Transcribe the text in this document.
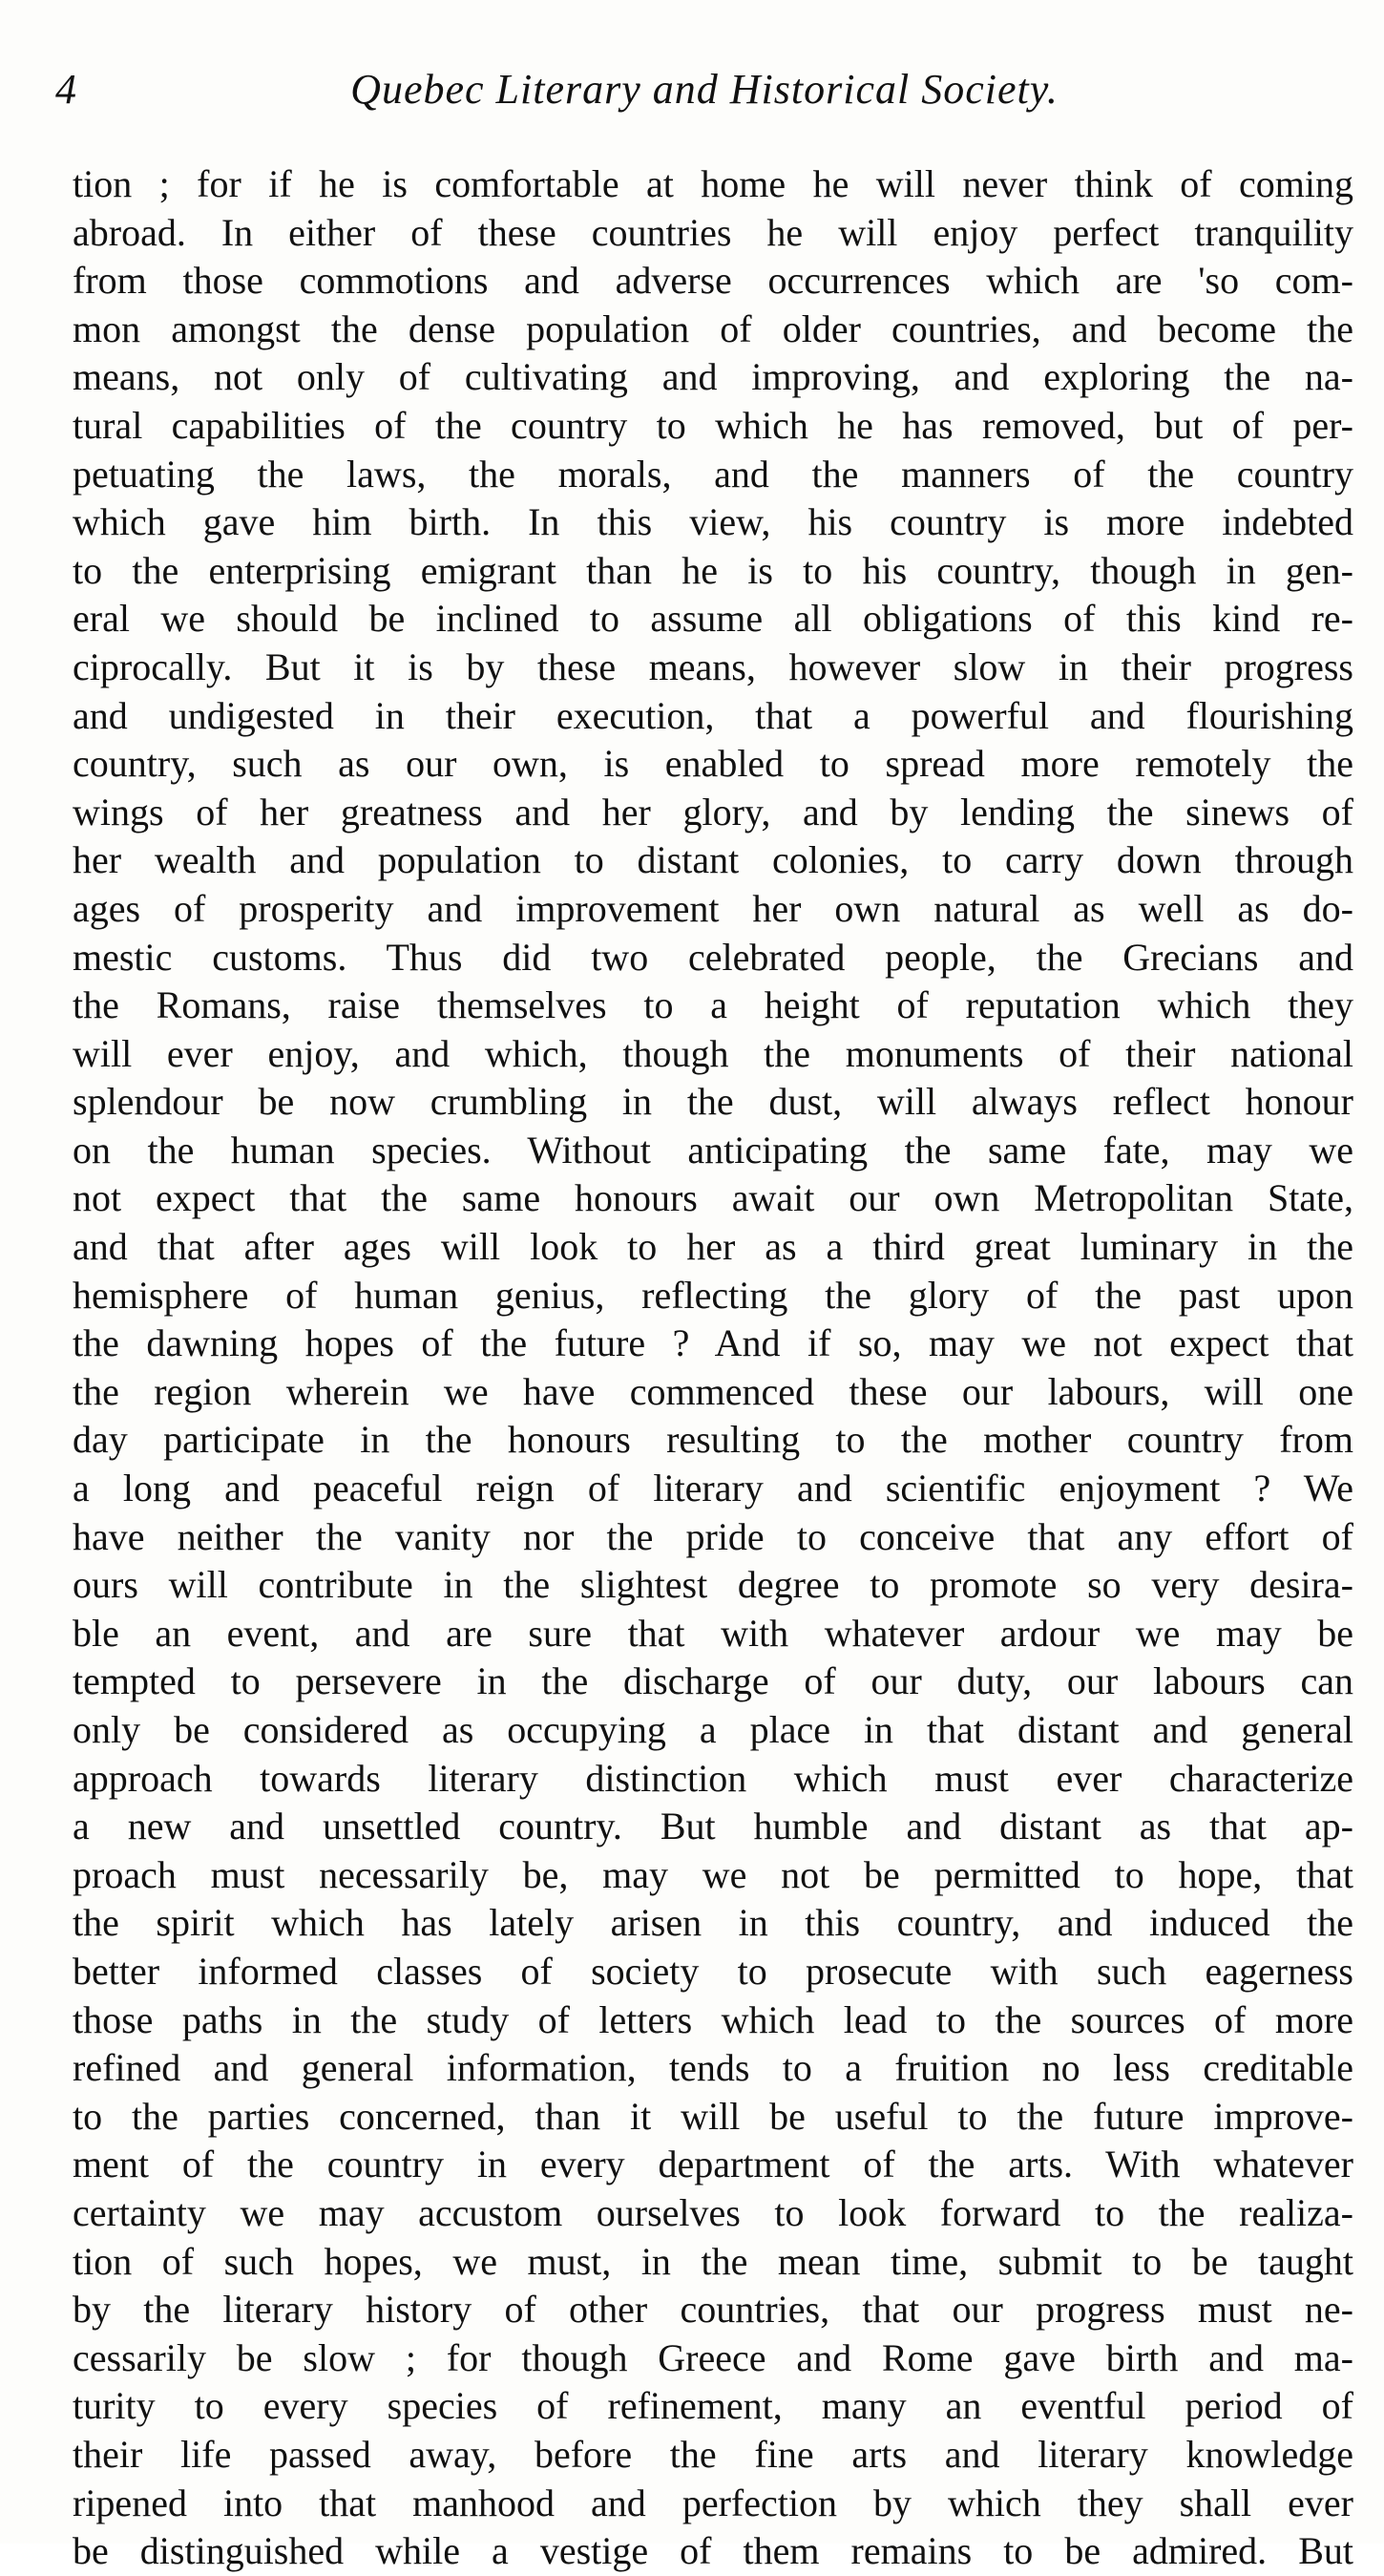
4	Quebec Literary and Historical Society.
tion ; for if he is comfortable at home he will never think of coming
abroad. In either of these countries he will enjoy perfect tranquility
from those commotions and adverse occurrences which are 'so com-
mon amongst the dense population of older countries, and become the
means, not only of cultivating and improving, and exploring the na-
tural capabilities of the country to which he has removed, but of per-
petuating the laws, the morals, and the manners of the country
which gave him birth. In this view, his country is more indebted
to the enterprising emigrant than he is to his country, though in gen-
eral we should be inclined to assume all obligations of this kind re-
ciprocally. But it is by these means, however slow in their progress
and undigested in their execution, that a powerful and flourishing
country, such as our own, is enabled to spread more remotely the
wings of her greatness and her glory, and by lending the sinews of
her wealth and population to distant colonies, to carry down through
ages of prosperity and improvement her own natural as well as do-
mestic customs. Thus did two celebrated people, the Grecians and
the Romans, raise themselves to a height of reputation which they
will ever enjoy, and which, though the monuments of their national
splendour be now crumbling in the dust, will always reflect honour
on the human species. Without anticipating the same fate, may we
not expect that the same honours await our own Metropolitan State,
and that after ages will look to her as a third great luminary in the
hemisphere of human genius, reflecting the glory of the past upon
the dawning hopes of the future ? And if so, may we not expect that
the region wherein we have commenced these our labours, will one
day participate in the honours resulting to the mother country from
a long and peaceful reign of literary and scientific enjoyment ? We
have neither the vanity nor the pride to conceive that any effort of
ours will contribute in the slightest degree to promote so very desira-
ble an event, and are sure that with whatever ardour we may be
tempted to persevere in the discharge of our duty, our labours can
only be considered as occupying a place in that distant and general
approach towards literary distinction which must ever characterize
a new and unsettled country. But humble and distant as that ap-
proach must necessarily be, may we not be permitted to hope, that
the spirit which has lately arisen in this country, and induced the
better informed classes of society to prosecute with such eagerness
those paths in the study of letters which lead to the sources of more
refined and general information, tends to a fruition no less creditable
to the parties concerned, than it will be useful to the future improve-
ment of the country in every department of the arts. With whatever
certainty we may accustom ourselves to look forward to the realiza-
tion of such hopes, we must, in the mean time, submit to be taught
by the literary history of other countries, that our progress must ne-
cessarily be slow ; for though Greece and Rome gave birth and ma-
turity to every species of refinement, many an eventful period of
their life passed away, before the fine arts and literary knowledge
ripened into that manhood and perfection by which they shall ever
be distinguished while a vestige of them remains to be admired. But
